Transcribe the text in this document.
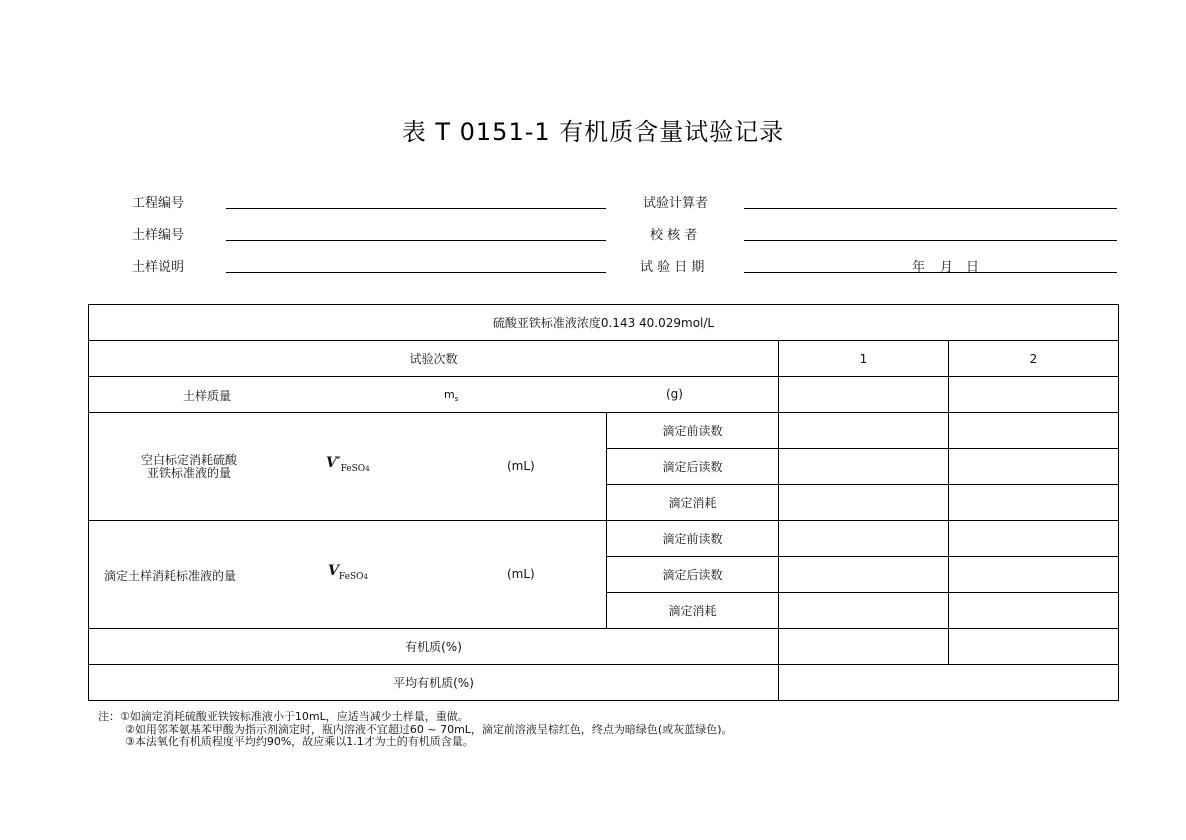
表 T 0151-1 有机质含量试验记录
工程编号
土样编号
土样说明
试验计算者
校 核 者
试 验 日 期	年 月 日
硫酸亚铁标准液浓度0.143 40.029mol/L			
试验次数		1	2

土样质量 $m_s$ (g)			

空白标定消耗硫酸
亚铁标准液的量
$V'_{FeSO4}$ (mL)	滴定前读数		
	滴定后读数		
	滴定消耗		

滴定土样消耗标准液的量 $V_{FeSO4}$ (mL)	滴定前读数		
	滴定后读数		
	滴定消耗		
有机质(%)			
平均有机质(%)			
注：①如滴定消耗硫酸亚铁铵标准液小于10mL，应适当减少土样量，重做。
②如用邻苯氨基苯甲酸为指示剂滴定时，瓶内溶液不宜超过60 ~ 70mL，滴定前溶液呈棕红色，终点为暗绿色(或灰蓝绿色)。
③本法氧化有机质程度平均约90%，故应乘以1.1才为土的有机质含量。
